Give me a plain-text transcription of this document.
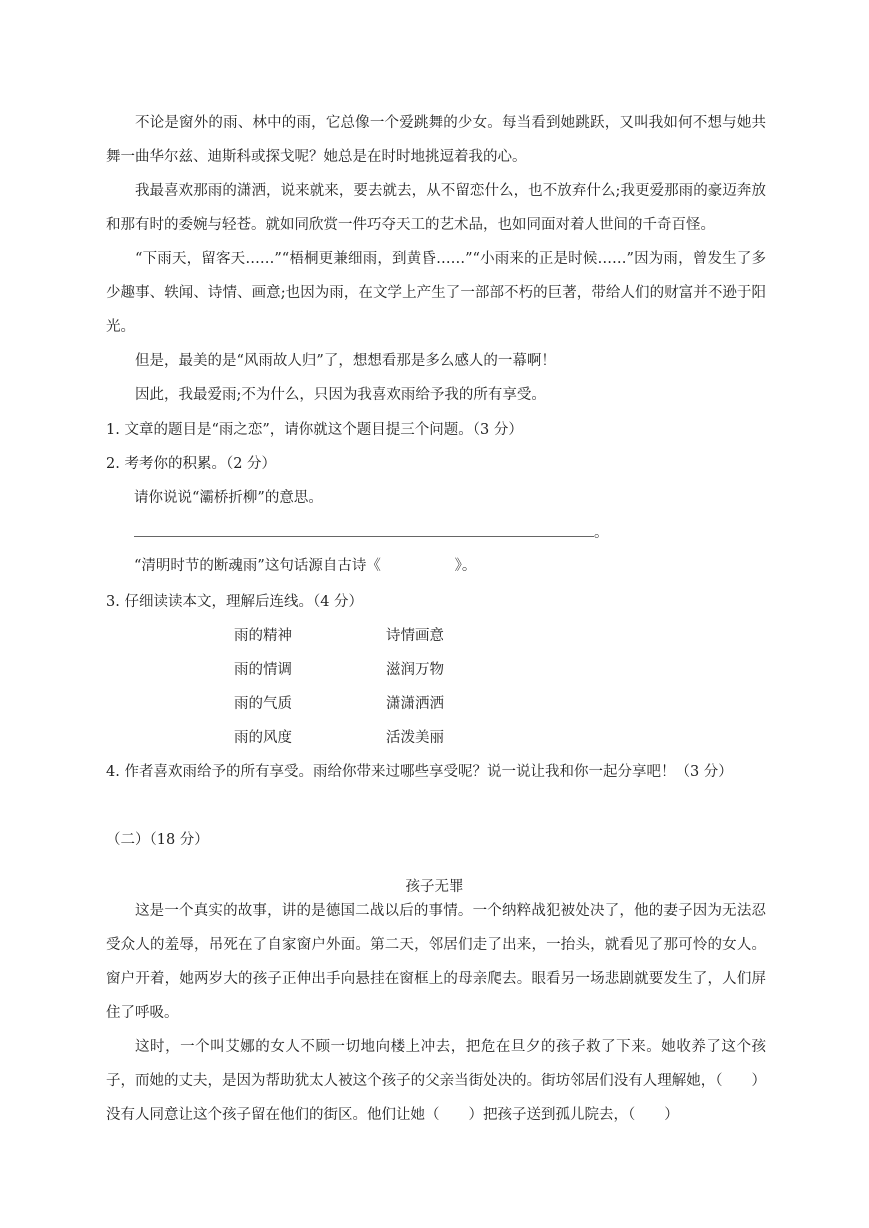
不论是窗外的雨、林中的雨，它总像一个爱跳舞的少女。每当看到她跳跃，又叫我如何不想与她共舞一曲华尔兹、迪斯科或探戈呢？她总是在时时地挑逗着我的心。

我最喜欢那雨的潇洒，说来就来，要去就去，从不留恋什么，也不放弃什么;我更爱那雨的豪迈奔放和那有时的委婉与轻苍。就如同欣赏一件巧夺天工的艺术品，也如同面对着人世间的千奇百怪。

“下雨天，留客天……”“梧桐更兼细雨，到黄昏……”“小雨来的正是时候……”因为雨，曾发生了多少趣事、轶闻、诗情、画意;也因为雨，在文学上产生了一部部不朽的巨著，带给人们的财富并不逊于阳光。

但是，最美的是“风雨故人归”了，想想看那是多么感人的一幕啊！

因此，我最爱雨;不为什么，只因为我喜欢雨给予我的所有享受。

1. 文章的题目是“雨之恋”，请你就这个题目提三个问题。（3 分）

2. 考考你的积累。（2 分）

请你说说“灞桥折柳”的意思。

。

“清明时节的断魂雨”这句话源自古诗《                》。

3. 仔细读读本文，理解后连线。（4 分）

雨的精神
雨的情调
雨的气质
雨的风度
诗情画意
滋润万物
潇潇洒洒
活泼美丽

4. 作者喜欢雨给予的所有享受。雨给你带来过哪些享受呢？说一说让我和你一起分享吧！（3 分）

（二）（18 分）

孩子无罪

这是一个真实的故事，讲的是德国二战以后的事情。一个纳粹战犯被处决了，他的妻子因为无法忍受众人的羞辱，吊死在了自家窗户外面。第二天，邻居们走了出来，一抬头，就看见了那可怜的女人。窗户开着，她两岁大的孩子正伸出手向悬挂在窗框上的母亲爬去。眼看另一场悲剧就要发生了，人们屏住了呼吸。

这时，一个叫艾娜的女人不顾一切地向楼上冲去，把危在旦夕的孩子救了下来。她收养了这个孩子，而她的丈夫，是因为帮助犹太人被这个孩子的父亲当街处决的。街坊邻居们没有人理解她，（　　）没有人同意让这个孩子留在他们的街区。他们让她（　　）把孩子送到孤儿院去，（　　）
